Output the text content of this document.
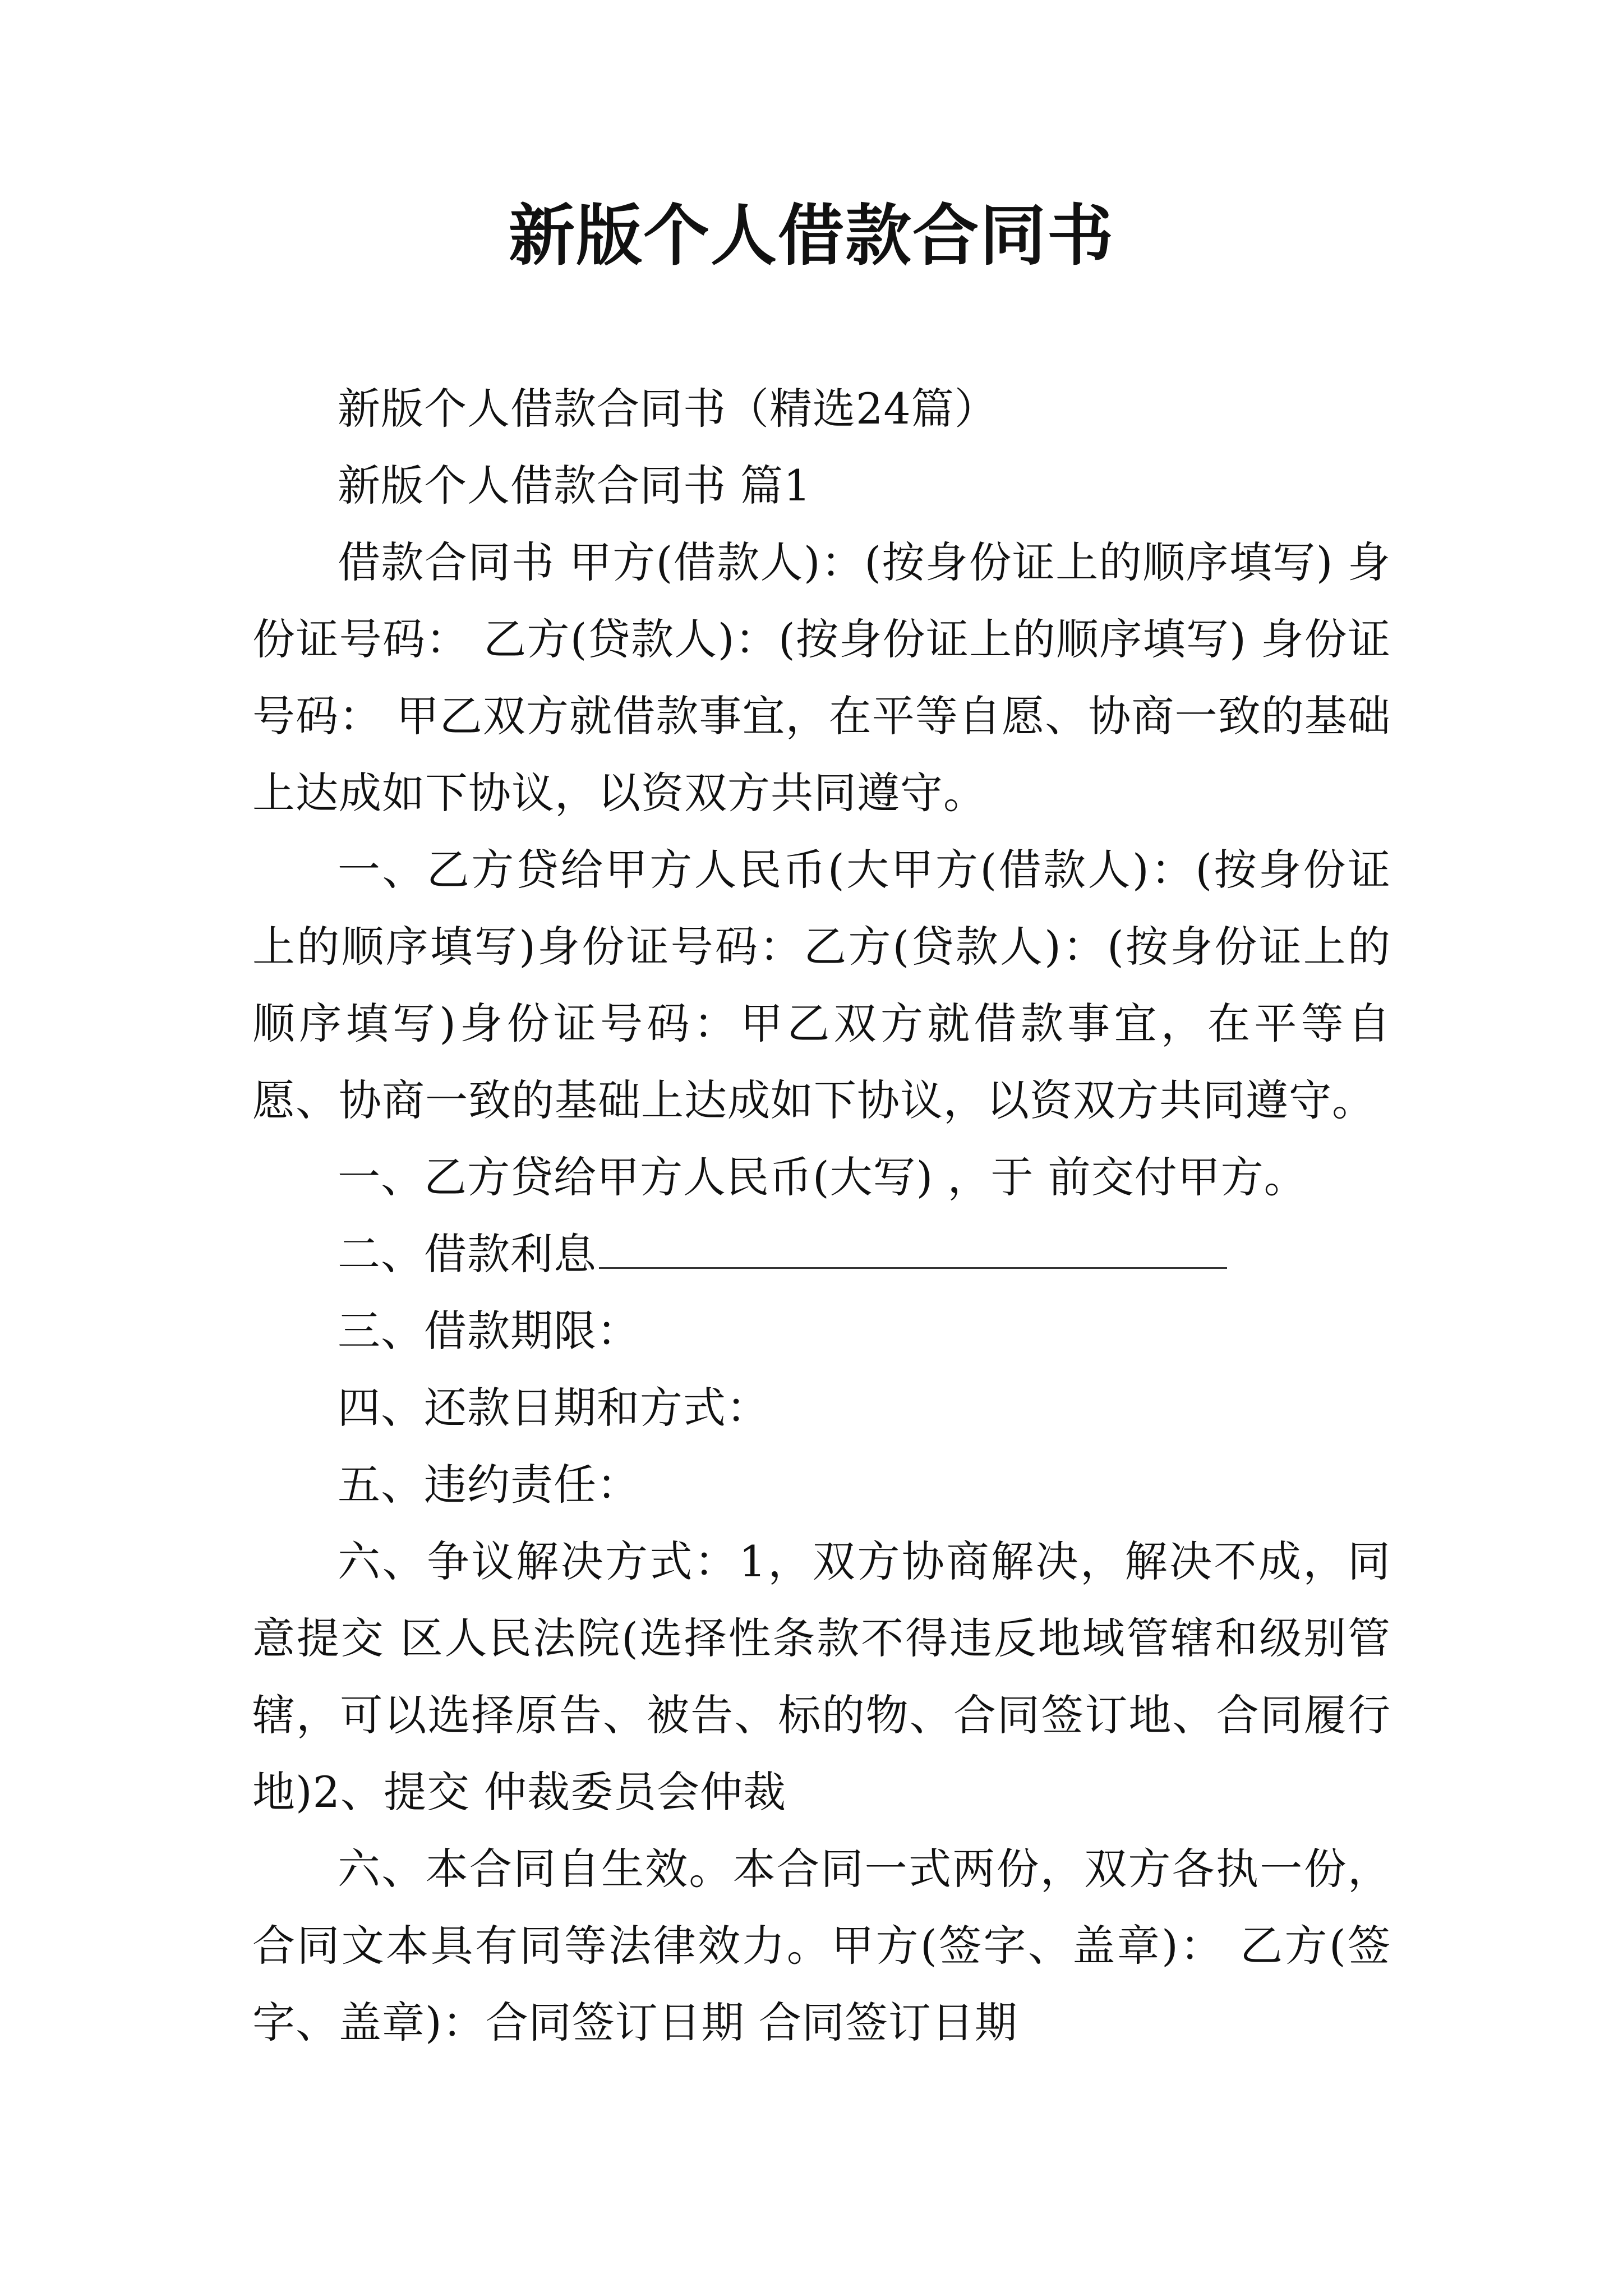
新版个人借款合同书

新版个人借款合同书（精选24篇）

新版个人借款合同书 篇1

借款合同书 甲方(借款人)：(按身份证上的顺序填写) 身份证号码： 乙方(贷款人)：(按身份证上的顺序填写) 身份证号码： 甲乙双方就借款事宜，在平等自愿、协商一致的基础上达成如下协议，以资双方共同遵守。

一、乙方贷给甲方人民币(大甲方(借款人)：(按身份证上的顺序填写)身份证号码：乙方(贷款人)：(按身份证上的顺序填写)身份证号码：甲乙双方就借款事宜，在平等自愿、协商一致的基础上达成如下协议，以资双方共同遵守。

一、乙方贷给甲方人民币(大写) ，于 前交付甲方。

二、借款利息

三、借款期限：

四、还款日期和方式：

五、违约责任：

六、争议解决方式：1，双方协商解决，解决不成，同意提交 区人民法院(选择性条款不得违反地域管辖和级别管辖，可以选择原告、被告、标的物、合同签订地、合同履行地)2、提交 仲裁委员会仲裁

六、本合同自生效。本合同一式两份，双方各执一份，合同文本具有同等法律效力。甲方(签字、盖章)： 乙方(签字、盖章)：合同签订日期 合同签订日期
